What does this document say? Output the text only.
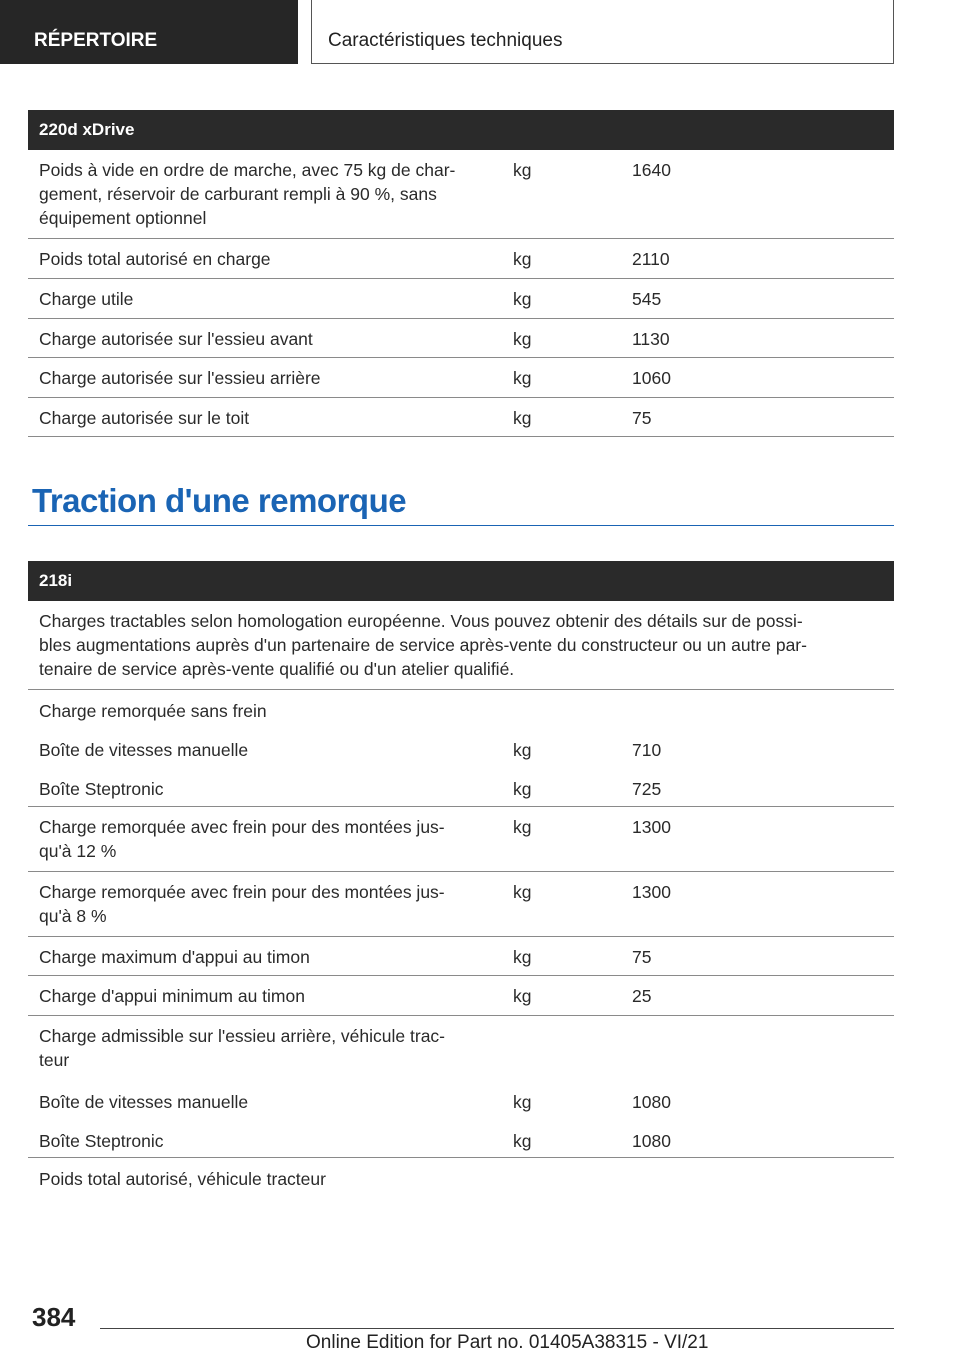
RÉPERTOIRE	Caractéristiques techniques
220d xDrive
Poids à vide en ordre de marche, avec 75 kg de char-
gement, réservoir de carburant rempli à 90 %, sans
équipement optionnel
kg	1640
Poids total autorisé en charge	kg	2110
Charge utile	kg	545
Charge autorisée sur l'essieu avant	kg	1130
Charge autorisée sur l'essieu arrière	kg	1060
Charge autorisée sur le toit	kg	75
Traction d'une remorque
218i
Charges tractables selon homologation européenne. Vous pouvez obtenir des détails sur de possi-
bles augmentations auprès d'un partenaire de service après-vente du constructeur ou un autre par-
tenaire de service après-vente qualifié ou d'un atelier qualifié.
Charge remorquée sans frein
Boîte de vitesses manuelle	kg	710
Boîte Steptronic	kg	725
Charge remorquée avec frein pour des montées jus-
qu'à 12 %
kg	1300
Charge remorquée avec frein pour des montées jus-
qu'à 8 %
kg	1300
Charge maximum d'appui au timon	kg	75
Charge d'appui minimum au timon	kg	25
Charge admissible sur l'essieu arrière, véhicule trac-
teur
Boîte de vitesses manuelle	kg	1080
Boîte Steptronic	kg	1080
Poids total autorisé, véhicule tracteur
384
Online Edition for Part no. 01405A38315 - VI/21
